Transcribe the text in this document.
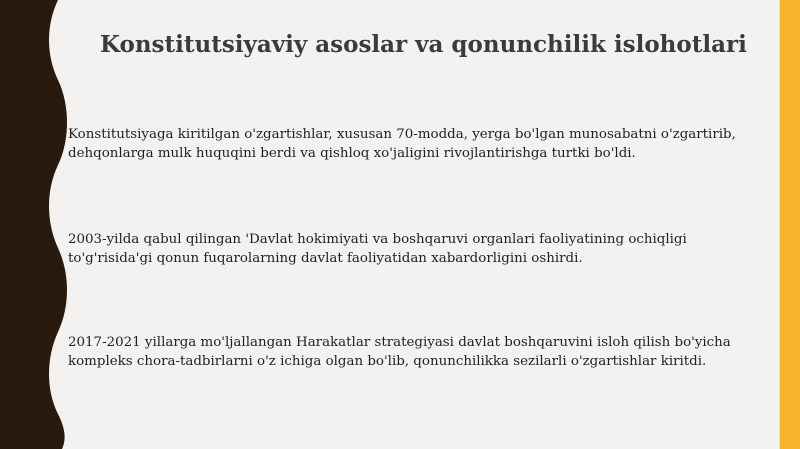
Konstitutsiyaviy asoslar va qonunchilik islohotlari

Konstitutsiyaga kiritilgan o'zgartishlar, xususan 70-modda, yerga bo'lgan munosabatni o'zgartirib, dehqonlarga mulk huquqini berdi va qishloq xo'jaligini rivojlantirishga turtki bo'ldi.

2003-yilda qabul qilingan 'Davlat hokimiyati va boshqaruvi organlari faoliyatining ochiqligi to'g'risida'gi qonun fuqarolarning davlat faoliyatidan xabardorligini oshirdi.

2017-2021 yillarga mo'ljallangan Harakatlar strategiyasi davlat boshqaruvini isloh qilish bo'yicha kompleks chora-tadbirlarni o'z ichiga olgan bo'lib, qonunchilikka sezilarli o'zgartishlar kiritdi.
